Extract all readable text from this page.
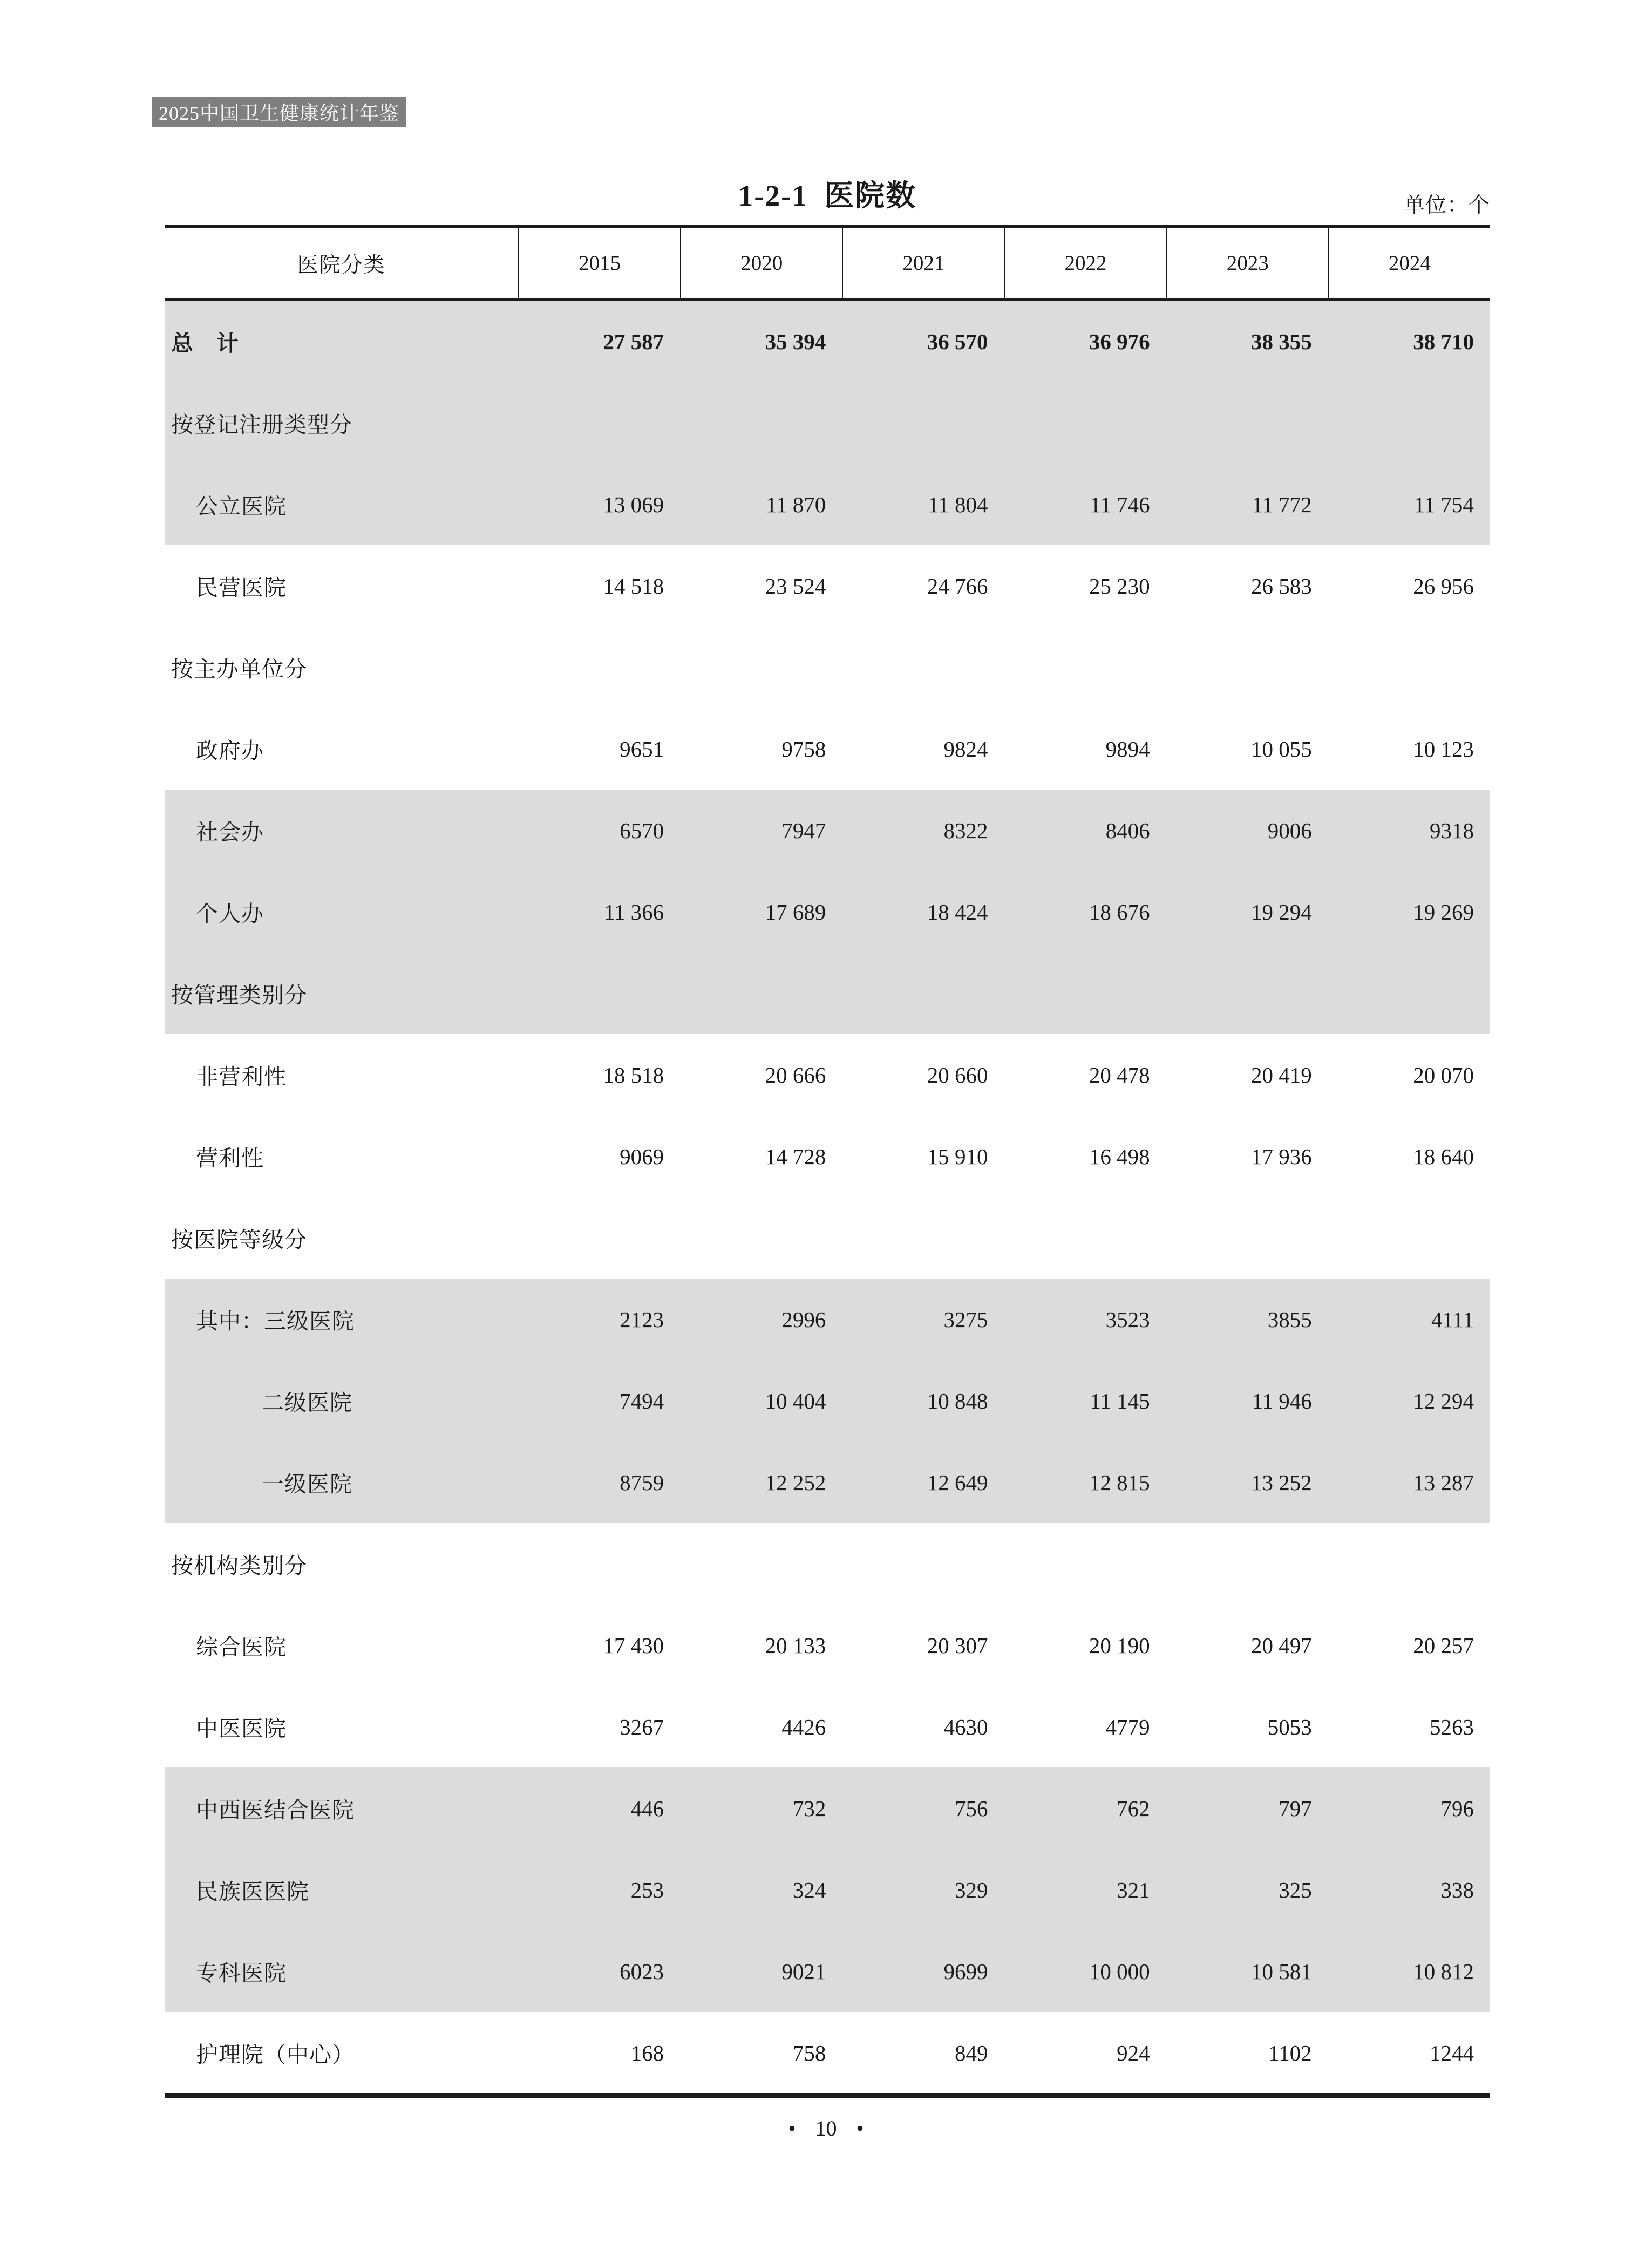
2025中国卫生健康统计年鉴
1-2-1 医院数	单位：个
医院分类	2015	2020	2021	2022	2023	2024
总　计	27 587	35 394	36 570	36 976	38 355	38 710
按登记注册类型分
公立医院	13 069	11 870	11 804	11 746	11 772	11 754
民营医院	14 518	23 524	24 766	25 230	26 583	26 956
按主办单位分
政府办	9651	9758	9824	9894	10 055	10 123
社会办	6570	7947	8322	8406	9006	9318
个人办	11 366	17 689	18 424	18 676	19 294	19 269
按管理类别分
非营利性	18 518	20 666	20 660	20 478	20 419	20 070
营利性	9069	14 728	15 910	16 498	17 936	18 640
按医院等级分
其中：三级医院	2123	2996	3275	3523	3855	4111
二级医院	7494	10 404	10 848	11 145	11 946	12 294
一级医院	8759	12 252	12 649	12 815	13 252	13 287
按机构类别分
综合医院	17 430	20 133	20 307	20 190	20 497	20 257
中医医院	3267	4426	4630	4779	5053	5263
中西医结合医院	446	732	756	762	797	796
民族医医院	253	324	329	321	325	338
专科医院	6023	9021	9699	10 000	10 581	10 812
护理院（中心）	168	758	849	924	1102	1244
• 10 •
